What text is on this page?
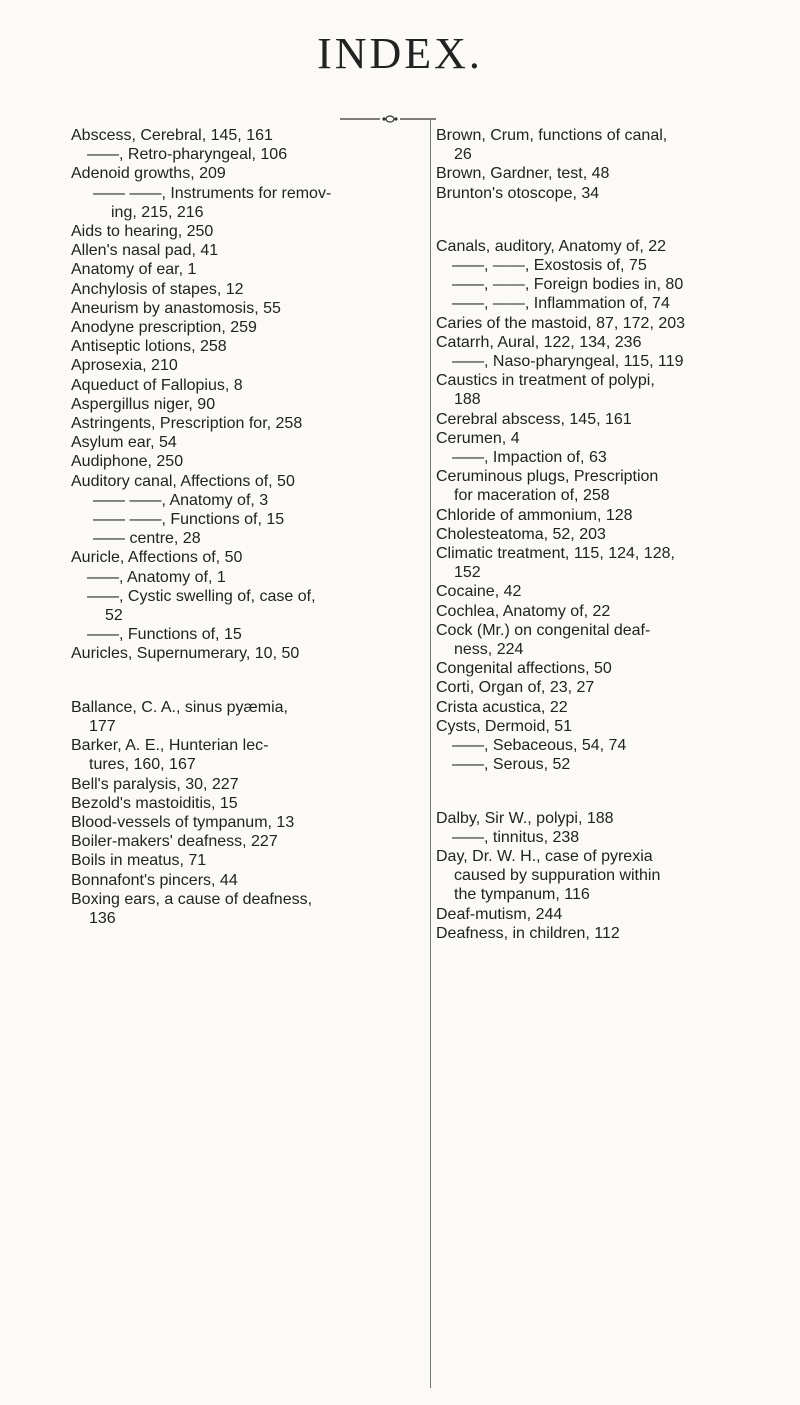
INDEX.
Abscess, Cerebral, 145, 161
——, Retro-pharyngeal, 106
Adenoid growths, 209
—— ——, Instruments for remov-
ing, 215, 216
Aids to hearing, 250
Allen's nasal pad, 41
Anatomy of ear, 1
Anchylosis of stapes, 12
Aneurism by anastomosis, 55
Anodyne prescription, 259
Antiseptic lotions, 258
Aprosexia, 210
Aqueduct of Fallopius, 8
Aspergillus niger, 90
Astringents, Prescription for, 258
Asylum ear, 54
Audiphone, 250
Auditory canal, Affections of, 50
—— ——, Anatomy of, 3
—— ——, Functions of, 15
—— centre, 28
Auricle, Affections of, 50
——, Anatomy of, 1
——, Cystic swelling of, case of,
52
——, Functions of, 15
Auricles, Supernumerary, 10, 50
Ballance, C. A., sinus pyæmia,
177
Barker, A. E., Hunterian lec-
tures, 160, 167
Bell's paralysis, 30, 227
Bezold's mastoiditis, 15
Blood-vessels of tympanum, 13
Boiler-makers' deafness, 227
Boils in meatus, 71
Bonnafont's pincers, 44
Boxing ears, a cause of deafness,
136
Brown, Crum, functions of canal,
26
Brown, Gardner, test, 48
Brunton's otoscope, 34
Canals, auditory, Anatomy of, 22
——, ——, Exostosis of, 75
——, ——, Foreign bodies in, 80
——, ——, Inflammation of, 74
Caries of the mastoid, 87, 172, 203
Catarrh, Aural, 122, 134, 236
——, Naso-pharyngeal, 115, 119
Caustics in treatment of polypi,
188
Cerebral abscess, 145, 161
Cerumen, 4
——, Impaction of, 63
Ceruminous plugs, Prescription
for maceration of, 258
Chloride of ammonium, 128
Cholesteatoma, 52, 203
Climatic treatment, 115, 124, 128,
152
Cocaine, 42
Cochlea, Anatomy of, 22
Cock (Mr.) on congenital deaf-
ness, 224
Congenital affections, 50
Corti, Organ of, 23, 27
Crista acustica, 22
Cysts, Dermoid, 51
——, Sebaceous, 54, 74
——, Serous, 52
Dalby, Sir W., polypi, 188
——, tinnitus, 238
Day, Dr. W. H., case of pyrexia
caused by suppuration within
the tympanum, 116
Deaf-mutism, 244
Deafness, in children, 112
